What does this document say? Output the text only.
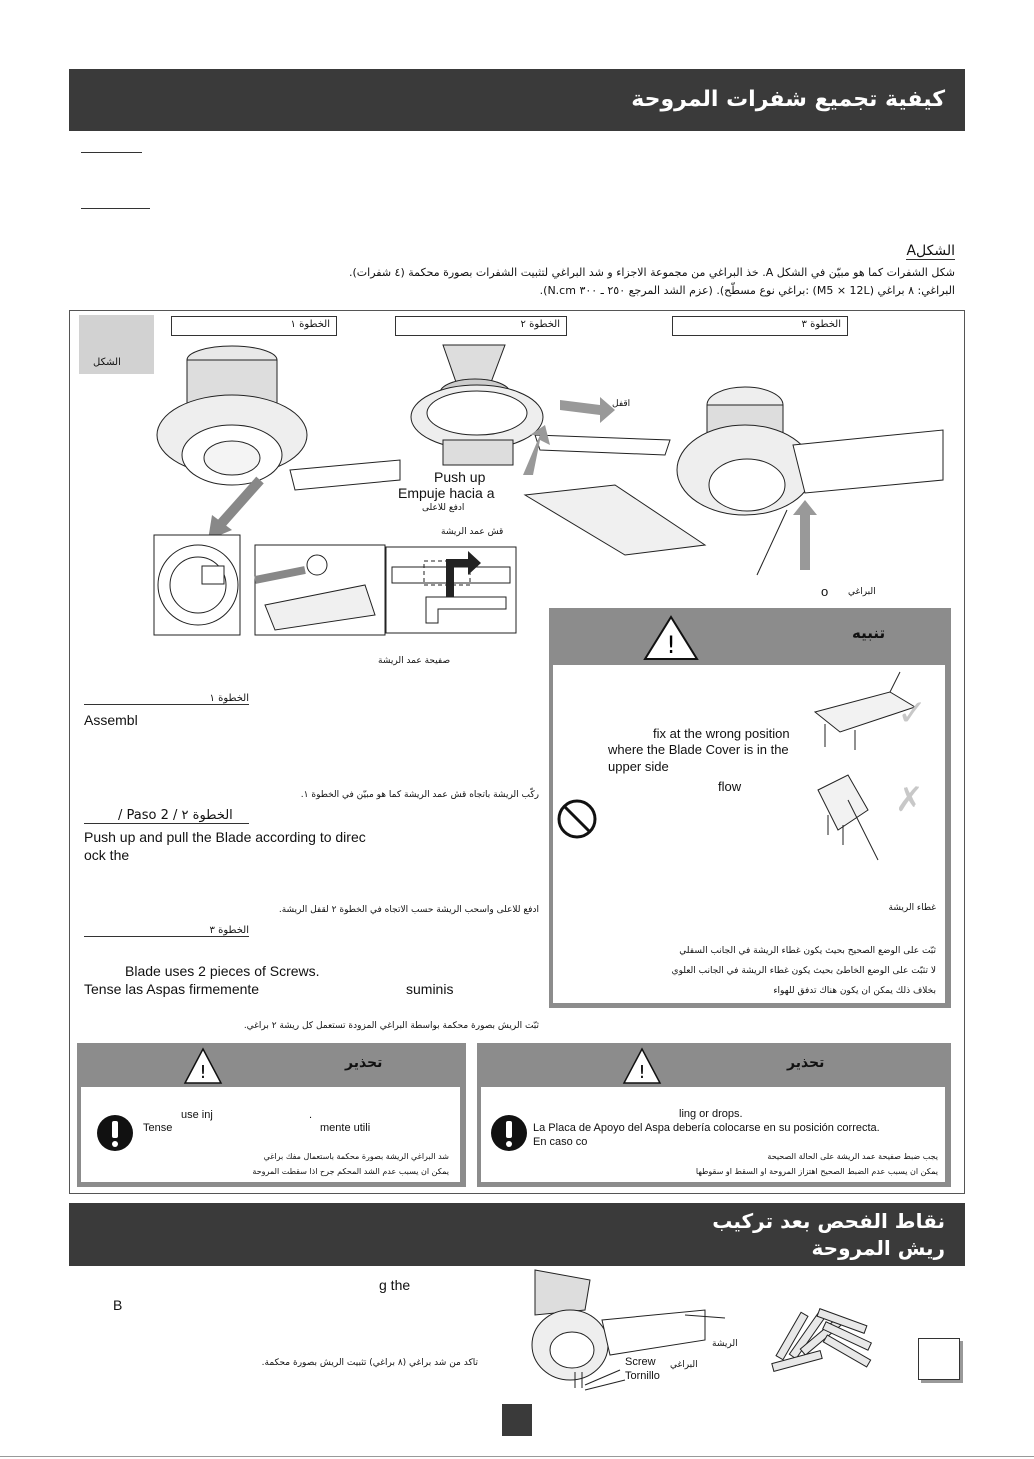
كيفية تجميع شفرات المروحة
الشكلA
شكل الشفرات كما هو مبيّن في الشكل A. خذ البراغي من مجموعة الاجزاء و شد البراغي لتثبيت الشفرات بصورة محكمة (٤ شفرات).
البراغي: ٨ براغي (M5 × 12L) :براغي نوع مسطّح). (عزم الشد المرجع ٢٥٠ ـ ٣٠٠ N.cm).
الشكل
الخطوة ١	الخطوة ٢	الخطوة ٣
اقفل
Push up
Empuje hacia a
ادفع للاعلى
قش عمد الريشة
صفيحة عمد الريشة
o البراغي
!	تنبيه
fix at the wrong position
where the Blade Cover is in the
upper side
flow
✓
✗
غطاء الريشة
ثبّت على الوضع الصحيح بحيث يكون غطاء الريشة في الجانب السفلي
لا تثبّت على الوضع الخاطئ بحيث يكون غطاء الريشة في الجانب العلوي
بخلاف ذلك يمكن ان يكون هناك تدفق للهواء
الخطوة ١
Assembl
ركّب الريشة باتجاه قش عمد الريشة كما هو مبيّن في الخطوة ١.
/ Paso 2 / الخطوة ٢
Push up and pull the Blade according to direc
ock the
ادفع للاعلى واسحب الريشة حسب الاتجاه في الخطوة ٢ لقفل الريشة.
الخطوة ٣
Blade uses 2 pieces of Screws.
Tense las Aspas firmemente	suminis
ثبّت الريش بصورة محكمة بواسطة البراغي المزودة تستعمل كل ريشة ٢ براغي.
!	تحذير
use inj	.
Tense	mente utili
شد البراغي الريشة بصورة محكمة باستعمال مفك براغي
يمكن ان يسبب عدم الشد المحكم جرح اذا سقطت المروحة
!	تحذير
ling or drops.
La Placa de Apoyo del Aspa debería colocarse en su posición correcta.
En caso co
يجب ضبط صفيحة عمد الريشة على الحالة الصحيحة
يمكن ان يسبب عدم الضبط الصحيح اهتزاز المروحة او السقط او سقوطها
نقاط الفحص بعد تركيب
ريش المروحة
g the
B
تاكد من شد براغي (٨ براغي) تثبيت الريش بصورة محكمة.
الريشة
Screw
Tornillo
البراغي
